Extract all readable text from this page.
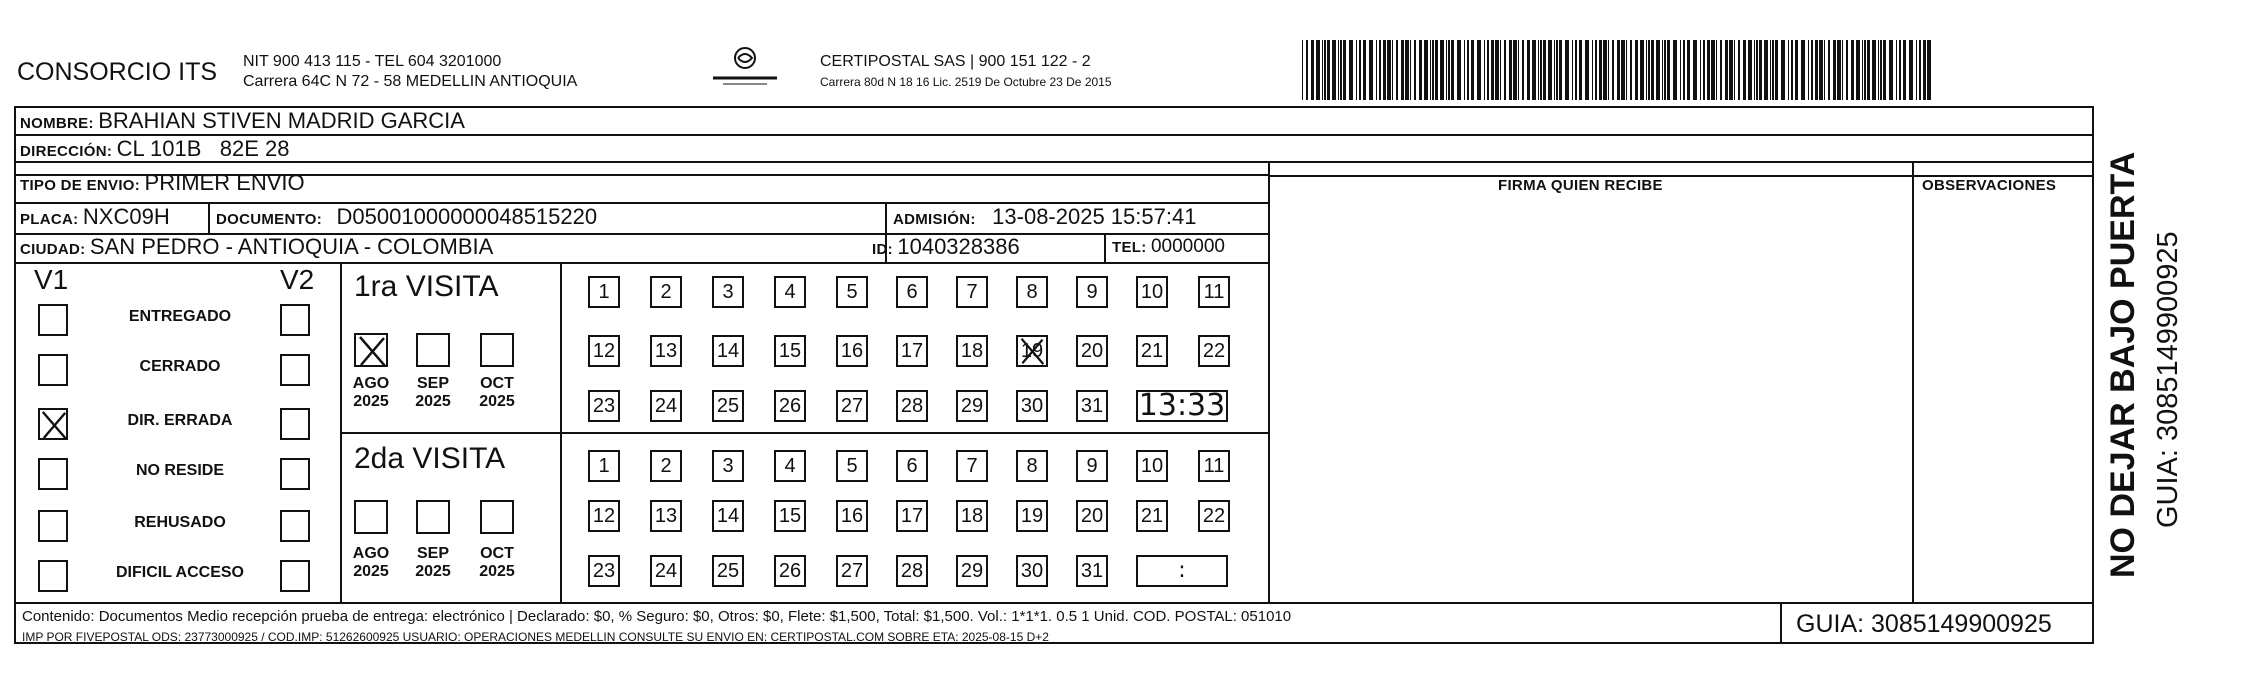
CONSORCIO ITS NIT 900 413 115 - TEL 604 3201000
Carrera 64C N 72 - 58 MEDELLIN ANTIOQUIA
CERTIPOSTAL SAS | 900 151 122 - 2
Carrera 80d N 18 16 Lic. 2519 De Octubre 23 De 2015
NOMBRE: BRAHIAN STIVEN MADRID GARCIA
DIRECCIÓN: CL 101B   82E 28
TIPO DE ENVIO: PRIMER ENVIO	FIRMA QUIEN RECIBE	OBSERVACIONES
PLACA: NXC09H	DOCUMENTO: D05001000000048515220	ADMISIÓN: 13-08-2025 15:57:41
CIUDAD: SAN PEDRO - ANTIOQUIA - COLOMBIA	ID: 1040328386	TEL: 0000000
V1	V2
ENTREGADO
CERRADO
DIR. ERRADA
NO RESIDE
REHUSADO
DIFICIL ACCESO
1ra VISITA
2da VISITA
AGO
2025
SEP
2025
OCT
2025
AGO
2025
SEP
2025
OCT
2025
1	2	3	4	5	6	7	8	9	10 11
12 13 14 15 16 17 18 19 20 21 22
23 24 25 26 27 28 29 30 31 13:33
1	2	3	4	5	6	7	8	9	10 11
12 13 14 15 16 17 18 19 20 21 22
23 24 25 26 27 28 29 30 31	:
Contenido: Documentos Medio recepción prueba de entrega: electrónico | Declarado: $0, % Seguro: $0, Otros: $0, Flete: $1,500, Total: $1,500. Vol.: 1*1*1. 0.5 1 Unid. COD. POSTAL: 051010
IMP POR FIVEPOSTAL ODS: 23773000925 / COD.IMP: 51262600925 USUARIO: OPERACIONES MEDELLIN CONSULTE SU ENVIO EN: CERTIPOSTAL.COM SOBRE ETA: 2025-08-15 D+2	GUIA: 3085149900925
NO DEJAR BAJO PUERTA GUIA: 3085149900925
